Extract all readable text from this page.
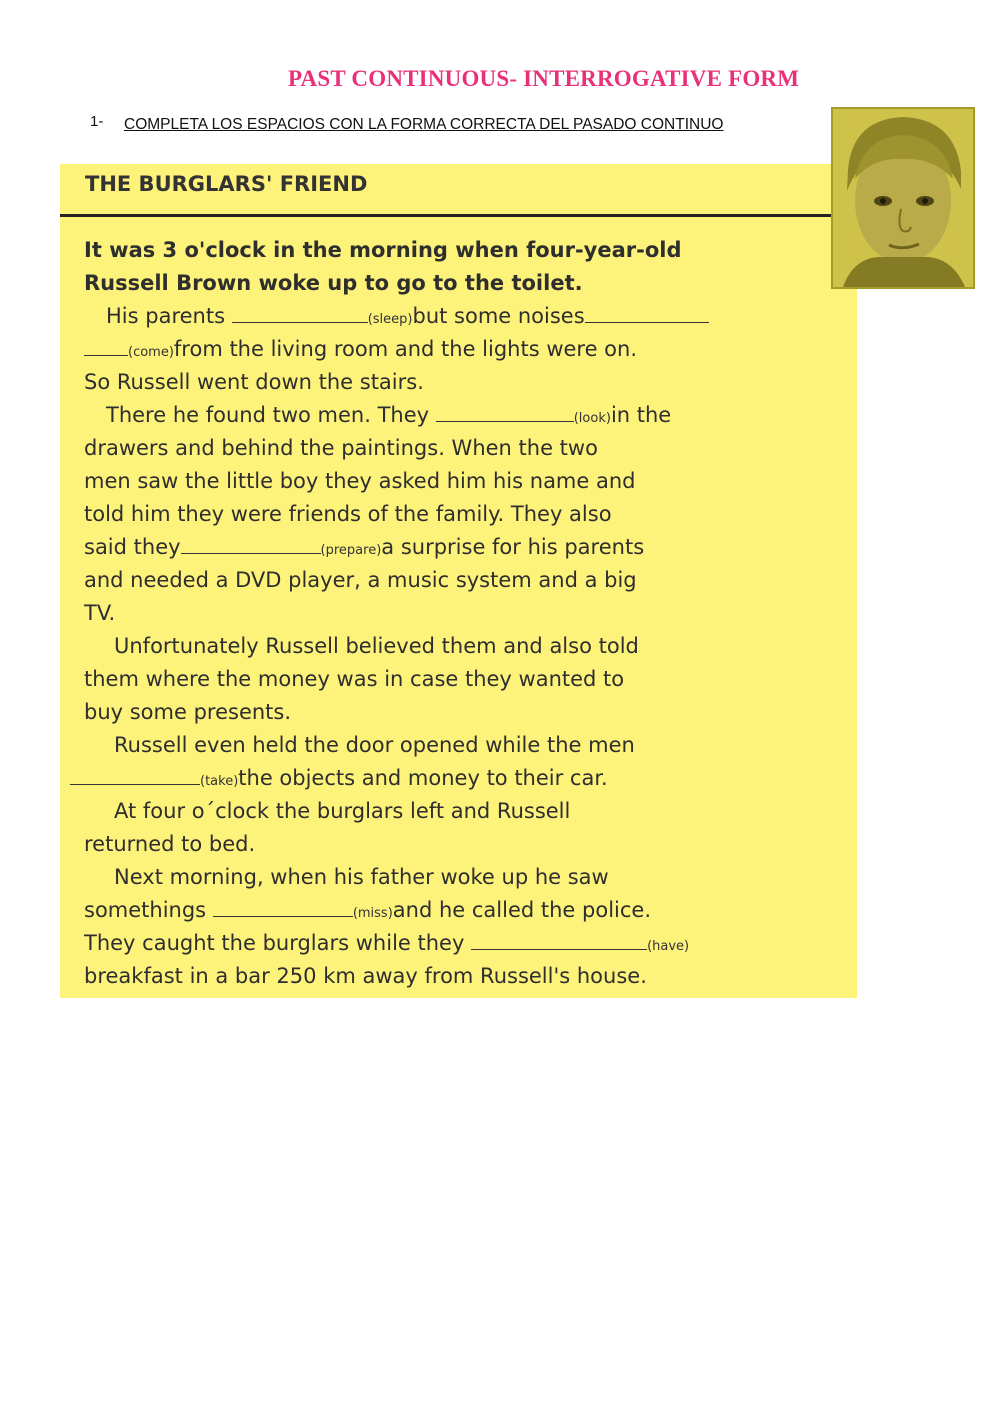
PAST CONTINUOUS- INTERROGATIVE FORM
1- COMPLETA LOS ESPACIOS CON LA FORMA CORRECTA DEL PASADO CONTINUO
THE BURGLARS' FRIEND
It was 3 o'clock in the morning when four-year-old
Russell Brown woke up to go to the toilet.
His parents	(sleep)but some noises
(come)from the living room and the lights were on.
So Russell went down the stairs.
There he found two men. They	(look)in the
drawers and behind the paintings. When the two
men saw the little boy they asked him his name and
told him they were friends of the family. They also
said they	(prepare)a surprise for his parents
and needed a DVD player, a music system and a big
TV.
Unfortunately Russell believed them and also told
them where the money was in case they wanted to
buy some presents.
Russell even held the door opened while the men
(take)the objects and money to their car.
At four o´clock the burglars left and Russell
returned to bed.
Next morning, when his father woke up he saw
somethings	(miss)and he called the police.
They caught the burglars while they	(have)
breakfast in a bar 250 km away from Russell's house.
